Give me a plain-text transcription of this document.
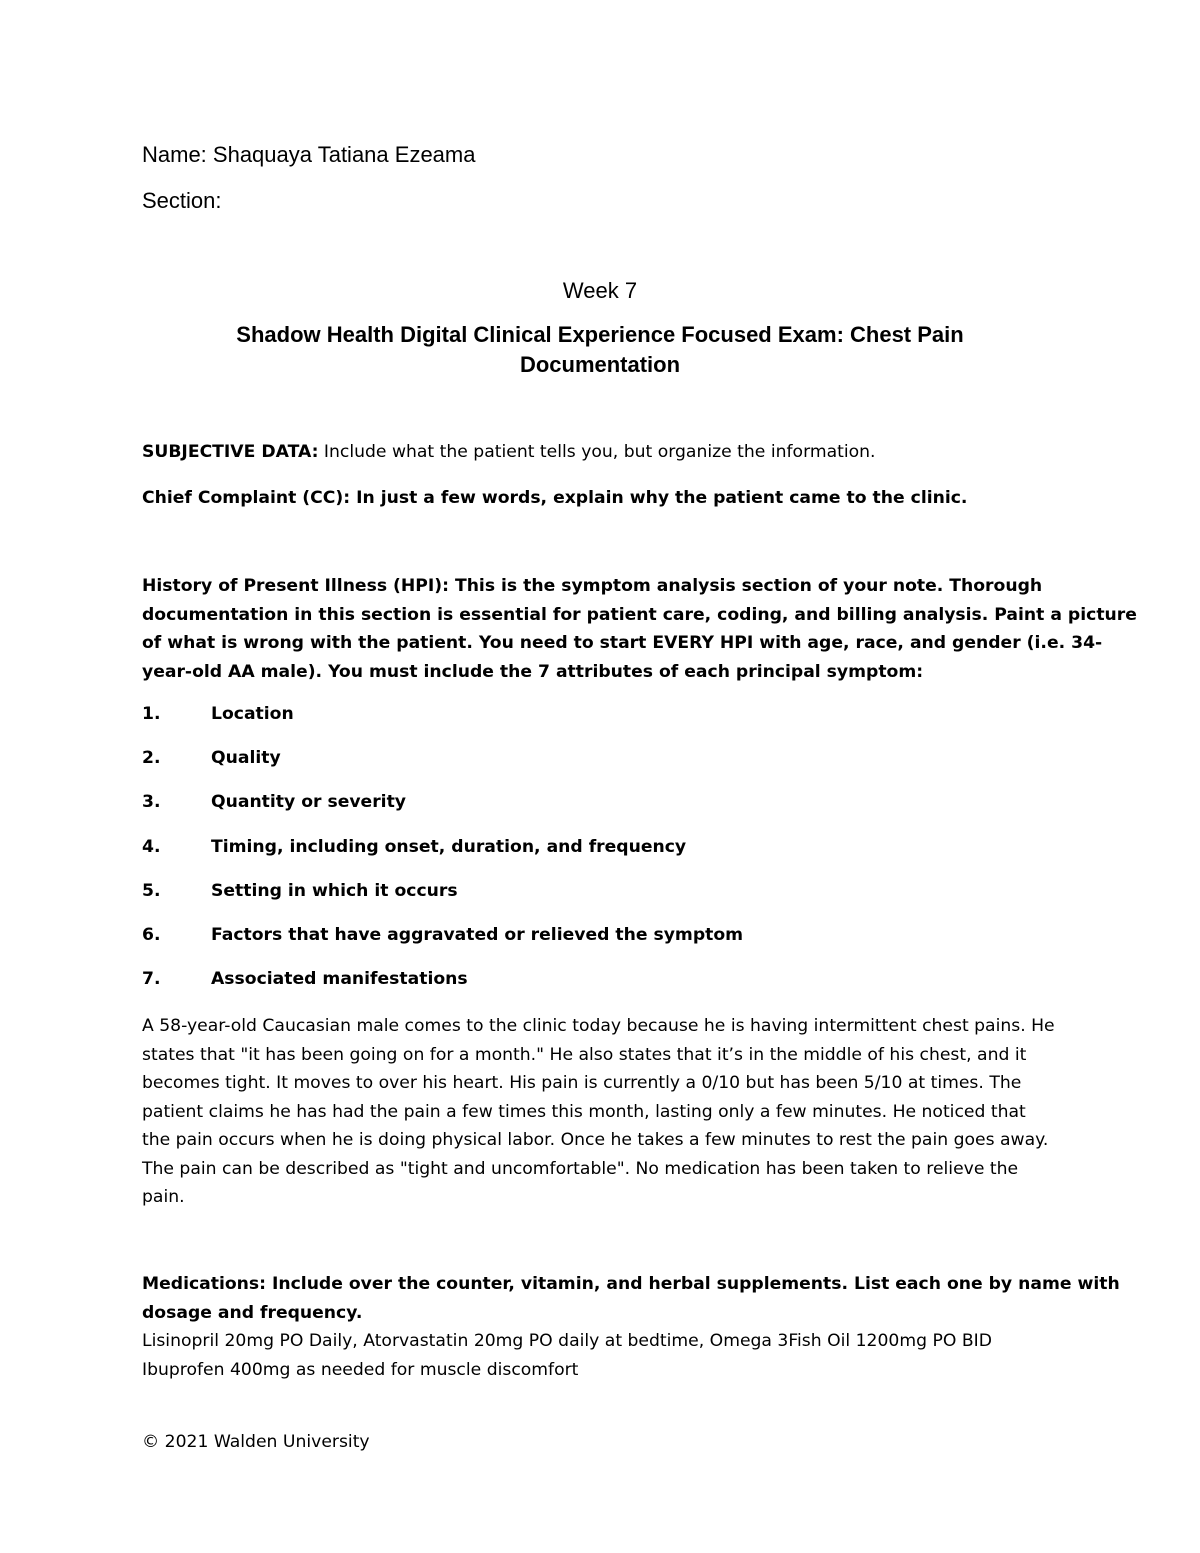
Name: Shaquaya Tatiana Ezeama
Section:
Week 7
Shadow Health Digital Clinical Experience Focused Exam: Chest Pain
Documentation
SUBJECTIVE DATA: Include what the patient tells you, but organize the information.
Chief Complaint (CC): In just a few words, explain why the patient came to the clinic.
History of Present Illness (HPI): This is the symptom analysis section of your note. Thorough
documentation in this section is essential for patient care, coding, and billing analysis. Paint a picture
of what is wrong with the patient. You need to start EVERY HPI with age, race, and gender (i.e. 34-
year-old AA male). You must include the 7 attributes of each principal symptom:
1.	Location
2.	Quality
3.	Quantity or severity
4.	Timing, including onset, duration, and frequency
5.	Setting in which it occurs
6.	Factors that have aggravated or relieved the symptom
7.	Associated manifestations
A 58-year-old Caucasian male comes to the clinic today because he is having intermittent chest pains. He
states that "it has been going on for a month." He also states that it’s in the middle of his chest, and it
becomes tight. It moves to over his heart. His pain is currently a 0/10 but has been 5/10 at times. The
patient claims he has had the pain a few times this month, lasting only a few minutes. He noticed that
the pain occurs when he is doing physical labor. Once he takes a few minutes to rest the pain goes away.
The pain can be described as "tight and uncomfortable". No medication has been taken to relieve the
pain.
Medications: Include over the counter, vitamin, and herbal supplements. List each one by name with
dosage and frequency.
Lisinopril 20mg PO Daily, Atorvastatin 20mg PO daily at bedtime, Omega 3Fish Oil 1200mg PO BID
Ibuprofen 400mg as needed for muscle discomfort
© 2021 Walden University
